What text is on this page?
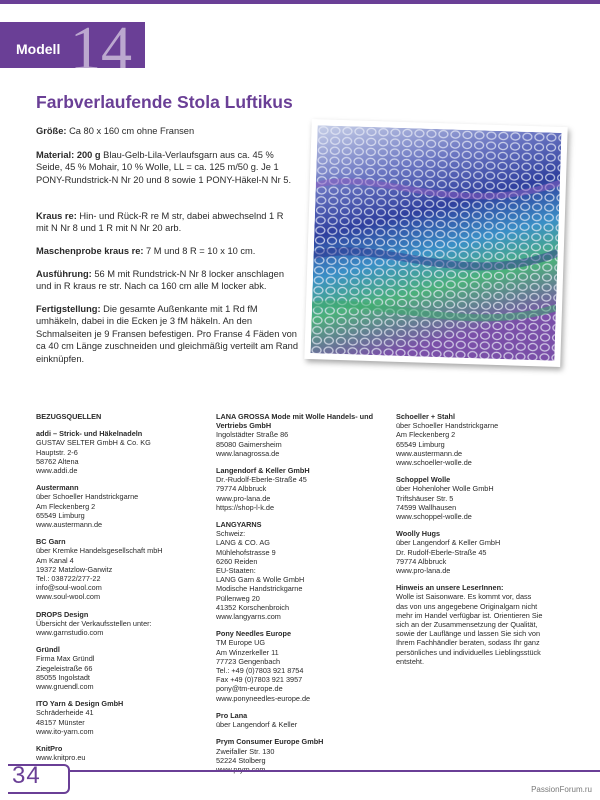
Modell 14
Farbverlaufende Stola Luftikus

Größe: Ca 80 x 160 cm ohne Fransen

Material: 200 g Blau-Gelb-Lila-Verlaufsgarn aus ca. 45 % Seide, 45 % Mohair, 10 % Wolle, LL = ca. 125 m/50 g. Je 1 PONY-Rundstrick-N Nr 20 und 8 sowie 1 PONY-Häkel-N Nr 5.

Kraus re: Hin- und Rück-R re M str, dabei abwechselnd 1 R mit N Nr 8 und 1 R mit N Nr 20 arb.

Maschenprobe kraus re: 7 M und 8 R = 10 x 10 cm.

Ausführung: 56 M mit Rundstrick-N Nr 8 locker anschlagen und in R kraus re str. Nach ca 160 cm alle M locker abk.

Fertigstellung: Die gesamte Außenkante mit 1 Rd fM umhäkeln, dabei in die Ecken je 3 fM häkeln. An den Schmalseiten je 9 Fransen befestigen. Pro Franse 4 Fäden von ca 40 cm Länge zuschneiden und gleichmäßig verteilt am Rand einknüpfen.

BEZUGSQUELLEN
addi – Strick- und Häkelnadeln
GUSTAV SELTER GmbH & Co. KG
Hauptstr. 2-6
58762 Altena
www.addi.de
Austermann
über Schoeller Handstrickgarne
Am Fleckenberg 2
65549 Limburg
www.austermann.de
BC Garn
über Kremke Handelsgesellschaft mbH
Am Kanal 4
19372 Matzlow-Garwitz
Tel.: 038722/277-22
info@soul-wool.com
www.soul-wool.com
DROPS Design
Übersicht der Verkaufsstellen unter:
www.garnstudio.com
Gründl
Firma Max Gründl
Ziegeleistraße 66
85055 Ingolstadt
www.gruendl.com
ITO Yarn & Design GmbH
Schräderheide 41
48157 Münster
www.ito-yarn.com
KnitPro
www.knitpro.eu
LANA GROSSA Mode mit Wolle Handels- und Vertriebs GmbH
Ingolstädter Straße 86
85080 Gaimersheim
www.lanagrossa.de
Langendorf & Keller GmbH
Dr.-Rudolf-Eberle-Straße 45
79774 Albbruck
www.pro-lana.de
https://shop-l-k.de
LANGYARNS
Schweiz:
LANG & CO. AG
Mühlehofstrasse 9
6260 Reiden
EU-Staaten:
LANG Garn & Wolle GmbH
Modische Handstrickgarne
Püllenweg 20
41352 Korschenbroich
www.langyarns.com
Pony Needles Europe
TM Europe UG
Am Winzerkeller 11
77723 Gengenbach
Tel.: +49 (0)7803 921 8754
Fax +49 (0)7803 921 3957
pony@tm-europe.de
www.ponyneedles-europe.de
Pro Lana
über Langendorf & Keller
Prym Consumer Europe GmbH
Zweifaller Str. 130
52224 Stolberg
Schoeller + Stahl
über Schoeller Handstrickgarne
Am Fleckenberg 2
65549 Limburg
www.austermann.de
www.schoeller-wolle.de
Schoppel Wolle
über Hohenloher Wolle GmbH
Triftshäuser Str. 5
74599 Wallhausen
www.schoppel-wolle.de
Woolly Hugs
über Langendorf & Keller GmbH
Dr. Rudolf-Eberle-Straße 45
79774 Albbruck
www.pro-lana.de
Hinweis an unsere LeserInnen:
Wolle ist Saisonware. Es kommt vor, dass
das von uns angegebene Originalgarn nicht
mehr im Handel verfügbar ist. Orientieren Sie
sich an der Zusammensetzung der Qualität,
sowie der Lauflänge und lassen Sie sich von
Ihrem Fachhändler beraten, sodass Ihr ganz
persönliches und individuelles Lieblingsstück
entsteht.
34
PassionForum.ru
